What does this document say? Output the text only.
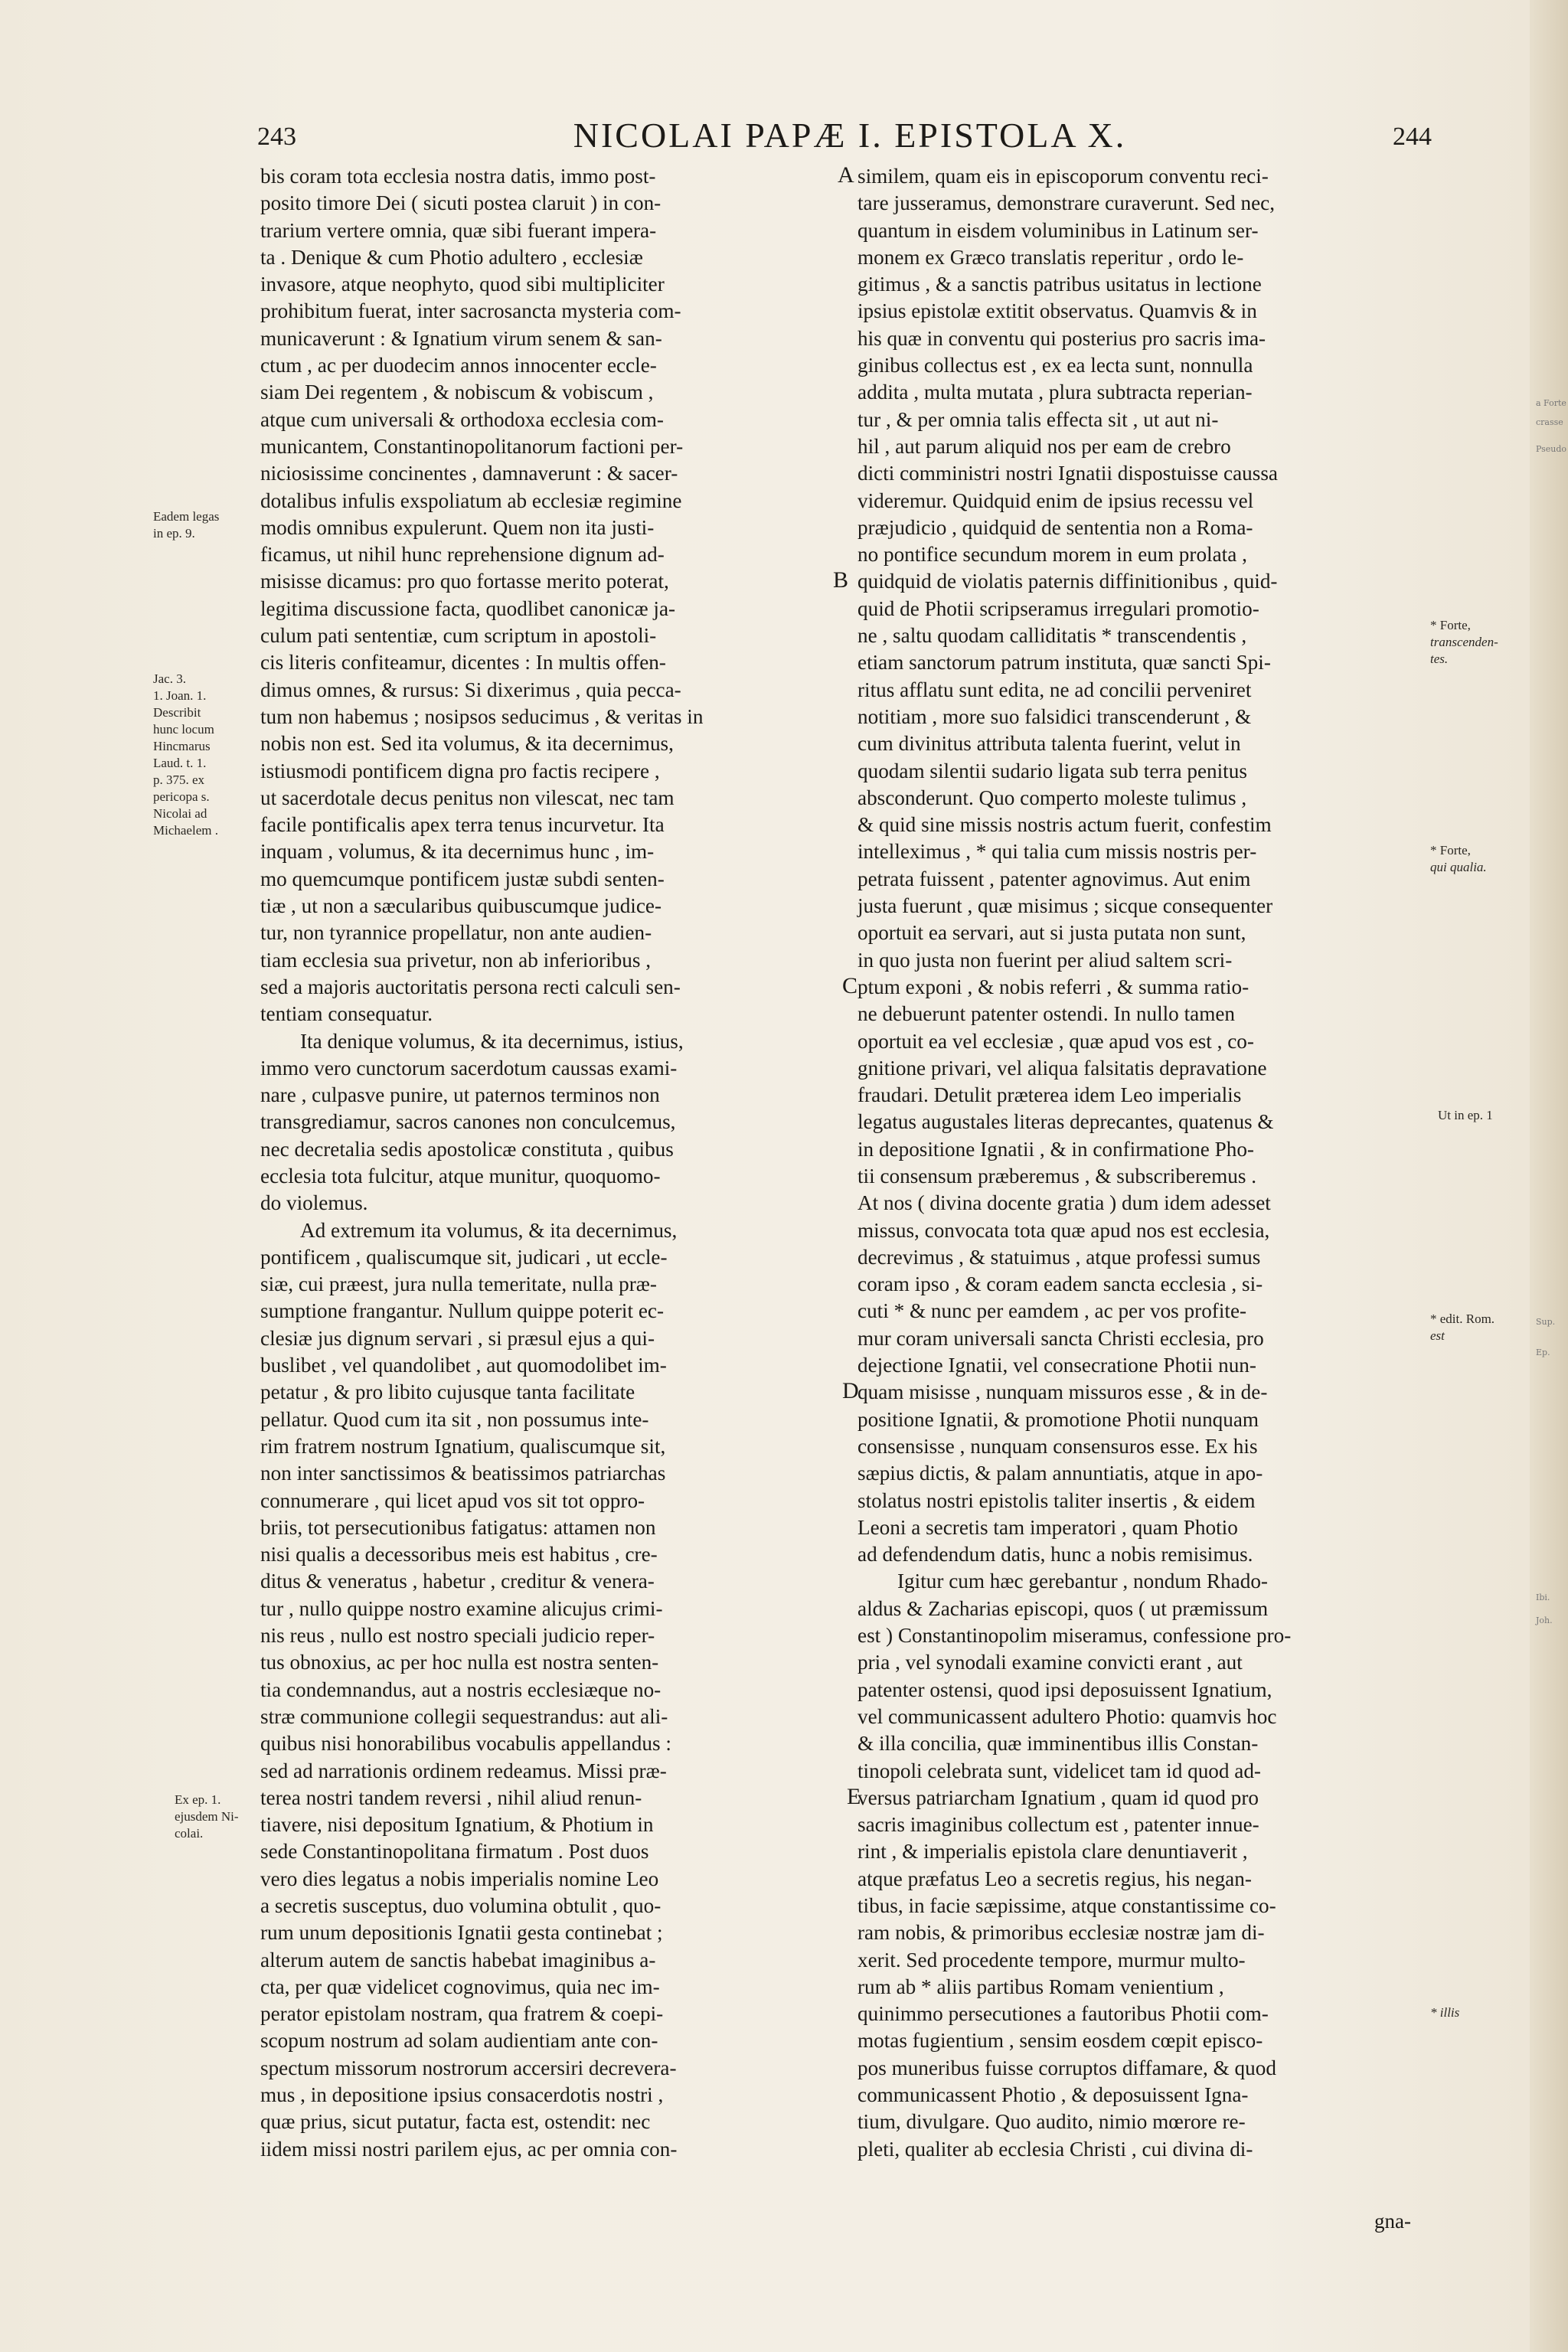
243	NICOLAI PAPÆ I. EPISTOLA X.	244
bis coram tota ecclesia nostra datis, immo post-
posito timore Dei ( sicuti postea claruit ) in con-
trarium vertere omnia, quæ sibi fuerant impera-
ta . Denique & cum Photio adultero , ecclesiæ
invasore, atque neophyto, quod sibi multipliciter
prohibitum fuerat, inter sacrosancta mysteria com-
municaverunt : & Ignatium virum senem & san-
ctum , ac per duodecim annos innocenter eccle-
siam Dei regentem , & nobiscum & vobiscum ,
atque cum universali & orthodoxa ecclesia com-
municantem, Constantinopolitanorum factioni per-
niciosissime concinentes , damnaverunt : & sacer-
dotalibus infulis exspoliatum ab ecclesiæ regimine
modis omnibus expulerunt. Quem non ita justi-
ficamus, ut nihil hunc reprehensione dignum ad-
misisse dicamus: pro quo fortasse merito poterat,
legitima discussione facta, quodlibet canonicæ ja-
culum pati sententiæ, cum scriptum in apostoli-
cis literis confiteamur, dicentes : In multis offen-
dimus omnes, & rursus: Si dixerimus , quia pecca-
tum non habemus ; nosipsos seducimus , & veritas in
nobis non est. Sed ita volumus, & ita decernimus,
istiusmodi pontificem digna pro factis recipere ,
ut sacerdotale decus penitus non vilescat, nec tam
facile pontificalis apex terra tenus incurvetur. Ita
inquam , volumus, & ita decernimus hunc , im-
mo quemcumque pontificem justæ subdi senten-
tiæ , ut non a sæcularibus quibuscumque judice-
tur, non tyrannice propellatur, non ante audien-
tiam ecclesia sua privetur, non ab inferioribus ,
sed a majoris auctoritatis persona recti calculi sen-
tentiam consequatur.
Ita denique volumus, & ita decernimus, istius,
immo vero cunctorum sacerdotum caussas exami-
nare , culpasve punire, ut paternos terminos non
transgrediamur, sacros canones non conculcemus,
nec decretalia sedis apostolicæ constituta , quibus
ecclesia tota fulcitur, atque munitur, quoquomo-
do violemus.
Ad extremum ita volumus, & ita decernimus,
pontificem , qualiscumque sit, judicari , ut eccle-
siæ, cui præest, jura nulla temeritate, nulla præ-
sumptione frangantur. Nullum quippe poterit ec-
clesiæ jus dignum servari , si præsul ejus a qui-
buslibet , vel quandolibet , aut quomodolibet im-
petatur , & pro libito cujusque tanta facilitate
pellatur. Quod cum ita sit , non possumus inte-
rim fratrem nostrum Ignatium, qualiscumque sit,
non inter sanctissimos & beatissimos patriarchas
connumerare , qui licet apud vos sit tot oppro-
briis, tot persecutionibus fatigatus: attamen non
nisi qualis a decessoribus meis est habitus , cre-
ditus & veneratus , habetur , creditur & venera-
tur , nullo quippe nostro examine alicujus crimi-
nis reus , nullo est nostro speciali judicio reper-
tus obnoxius, ac per hoc nulla est nostra senten-
tia condemnandus, aut a nostris ecclesiæque no-
stræ communione collegii sequestrandus: aut ali-
quibus nisi honorabilibus vocabulis appellandus :
sed ad narrationis ordinem redeamus. Missi præ-
terea nostri tandem reversi , nihil aliud renun-
tiavere, nisi depositum Ignatium, & Photium in
sede Constantinopolitana firmatum . Post duos
vero dies legatus a nobis imperialis nomine Leo
a secretis susceptus, duo volumina obtulit , quo-
rum unum depositionis Ignatii gesta continebat ;
alterum autem de sanctis habebat imaginibus a-
cta, per quæ videlicet cognovimus, quia nec im-
perator epistolam nostram, qua fratrem & coepi-
scopum nostrum ad solam audientiam ante con-
spectum missorum nostrorum accersiri decrevera-
mus , in depositione ipsius consacerdotis nostri ,
quæ prius, sicut putatur, facta est, ostendit: nec
iidem missi nostri parilem ejus, ac per omnia con-
similem, quam eis in episcoporum conventu reci-
tare jusseramus, demonstrare curaverunt. Sed nec,
quantum in eisdem voluminibus in Latinum ser-
monem ex Græco translatis reperitur , ordo le-
gitimus , & a sanctis patribus usitatus in lectione
ipsius epistolæ extitit observatus. Quamvis & in
his quæ in conventu qui posterius pro sacris ima-
ginibus collectus est , ex ea lecta sunt, nonnulla
addita , multa mutata , plura subtracta reperian-
tur , & per omnia talis effecta sit , ut aut ni-
hil , aut parum aliquid nos per eam de crebro
dicti comministri nostri Ignatii dispostuisse caussa
videremur. Quidquid enim de ipsius recessu vel
præjudicio , quidquid de sententia non a Roma-
no pontifice secundum morem in eum prolata ,
quidquid de violatis paternis diffinitionibus , quid-
quid de Photii scripseramus irregulari promotio-
ne , saltu quodam calliditatis * transcendentis ,
etiam sanctorum patrum instituta, quæ sancti Spi-
ritus afflatu sunt edita, ne ad concilii perveniret
notitiam , more suo falsidici transcenderunt , &
cum divinitus attributa talenta fuerint, velut in
quodam silentii sudario ligata sub terra penitus
absconderunt. Quo comperto moleste tulimus ,
& quid sine missis nostris actum fuerit, confestim
intelleximus , * qui talia cum missis nostris per-
petrata fuissent , patenter agnovimus. Aut enim
justa fuerunt , quæ misimus ; sicque consequenter
oportuit ea servari, aut si justa putata non sunt,
in quo justa non fuerint per aliud saltem scri-
ptum exponi , & nobis referri , & summa ratio-
ne debuerunt patenter ostendi. In nullo tamen
oportuit ea vel ecclesiæ , quæ apud vos est , co-
gnitione privari, vel aliqua falsitatis depravatione
fraudari. Detulit præterea idem Leo imperialis
legatus augustales literas deprecantes, quatenus &
in depositione Ignatii , & in confirmatione Pho-
tii consensum præberemus , & subscriberemus .
At nos ( divina docente gratia ) dum idem adesset
missus, convocata tota quæ apud nos est ecclesia,
decrevimus , & statuimus , atque professi sumus
coram ipso , & coram eadem sancta ecclesia , si-
cuti * & nunc per eamdem , ac per vos profite-
mur coram universali sancta Christi ecclesia, pro
dejectione Ignatii, vel consecratione Photii nun-
quam misisse , nunquam missuros esse , & in de-
positione Ignatii, & promotione Photii nunquam
consensisse , nunquam consensuros esse. Ex his
sæpius dictis, & palam annuntiatis, atque in apo-
stolatus nostri epistolis taliter insertis , & eidem
Leoni a secretis tam imperatori , quam Photio
ad defendendum datis, hunc a nobis remisimus.
Igitur cum hæc gerebantur , nondum Rhado-
aldus & Zacharias episcopi, quos ( ut præmissum
est ) Constantinopolim miseramus, confessione pro-
pria , vel synodali examine convicti erant , aut
patenter ostensi, quod ipsi deposuissent Ignatium,
vel communicassent adultero Photio: quamvis hoc
& illa concilia, quæ imminentibus illis Constan-
tinopoli celebrata sunt, videlicet tam id quod ad-
versus patriarcham Ignatium , quam id quod pro
sacris imaginibus collectum est , patenter innue-
rint , & imperialis epistola clare denuntiaverit ,
atque præfatus Leo a secretis regius, his negan-
tibus, in facie sæpissime, atque constantissime co-
ram nobis, & primoribus ecclesiæ nostræ jam di-
xerit. Sed procedente tempore, murmur multo-
rum ab * aliis partibus Romam venientium ,
quinimmo persecutiones a fautoribus Photii com-
motas fugientium , sensim eosdem cœpit episco-
pos muneribus fuisse corruptos diffamare, & quod
communicassent Photio , & deposuissent Igna-
tium, divulgare. Quo audito, nimio mœrore re-
pleti, qualiter ab ecclesia Christi , cui divina di-
A
B
C
D
E
Eadem legas
in ep. 9.
Jac. 3.
1. Joan. 1.
Describit
hunc locum
Hincmarus
Laud. t. 1.
p. 375. ex
pericopa s.
Nicolai ad
Michaelem .
Ex ep. 1.
ejusdem Ni-
colai.
* Forte,
transcenden-
tes.
* Forte,
qui qualia.
Ut in ep. 1
* edit. Rom.
est
* illis
gna-
a Forte
crasse
Pseudo
Sup.
Ep.
Ibi.
Joh.
